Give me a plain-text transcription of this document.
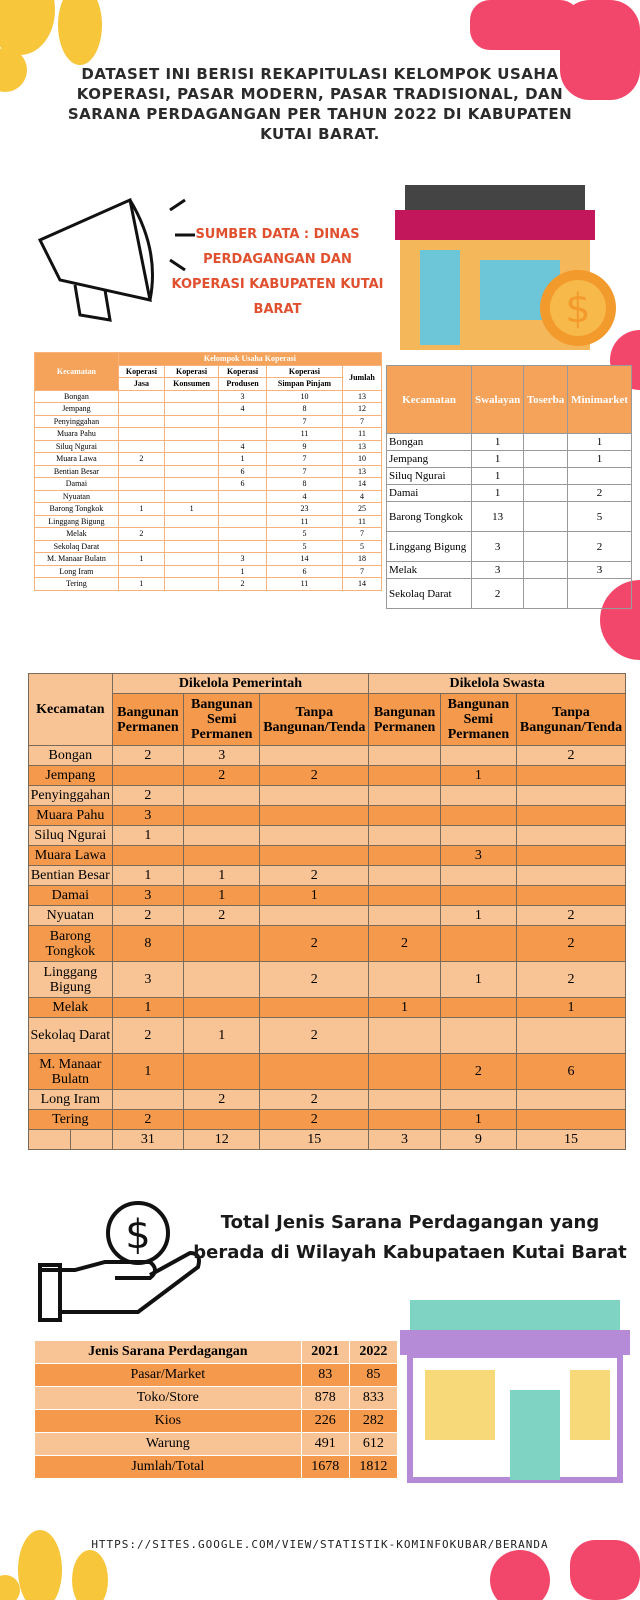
$
$
DATASET INI BERISI REKAPITULASI KELOMPOK USAHA KOPERASI, PASAR MODERN, PASAR TRADISIONAL, DAN SARANA PERDAGANGAN PER TAHUN 2022 DI KABUPATEN KUTAI BARAT.
SUMBER DATA : DINAS PERDAGANGAN DAN KOPERASI KABUPATEN KUTAI BARAT
Kecamatan	Kelompok Usaha Koperasi				
	Koperasi	Koperasi	Koperasi	Koperasi	Jumlah
	Jasa	Konsumen	Produsen	Simpan Pinjam	
Bongan			3	10	13
Jempang			4	8	12
Penyinggahan				7	7
Muara Pahu				11	11
Siluq Ngurai			4	9	13
Muara Lawa	2		1	7	10
Bentian Besar			6	7	13
Damai			6	8	14
Nyuatan				4	4
Barong Tongkok	1	1		23	25
Linggang Bigung				11	11
Melak	2			5	7
Sekolaq Darat				5	5
M. Manaar Bulatn	1		3	14	18
Long Iram			1	6	7
Tering	1		2	11	14
Kecamatan	Swalayan	Toserba	Minimarket
Bongan	1		1
Jempang	1		1
Siluq Ngurai	1		
Damai	1		2
Barong Tongkok	13		5
Linggang Bigung	3		2
Melak	3		3
Sekolaq Darat	2		
Kecamatan		Dikelola Pemerintah			Dikelola Swasta		
		Bangunan Permanen	Bangunan Semi Permanen	Tanpa Bangunan/Tenda	Bangunan Permanen	Bangunan Semi Permanen	Tanpa Bangunan/Tenda
Bongan		2	3				2
Jempang			2	2		1	
Penyinggahan		2					
Muara Pahu		3					
Siluq Ngurai		1					
Muara Lawa						3	
Bentian Besar		1	1	2			
Damai		3	1	1			
Nyuatan		2	2			1	2
Barong Tongkok		8		2	2		2
Linggang Bigung		3		2		1	2
Melak		1			1		1
Sekolaq Darat		2	1	2			
M. Manaar Bulatn		1				2	6
Long Iram			2	2			
Tering		2		2		1	
		31	12	15	3	9	15
Total Jenis Sarana Perdagangan yang berada di Wilayah Kabupataen Kutai Barat
Jenis Sarana Perdagangan	2021	2022
Pasar/Market	83	85
Toko/Store	878	833
Kios	226	282
Warung	491	612
Jumlah/Total	1678	1812
HTTPS://SITES.GOOGLE.COM/VIEW/STATISTIK-KOMINFOKUBAR/BERANDA
